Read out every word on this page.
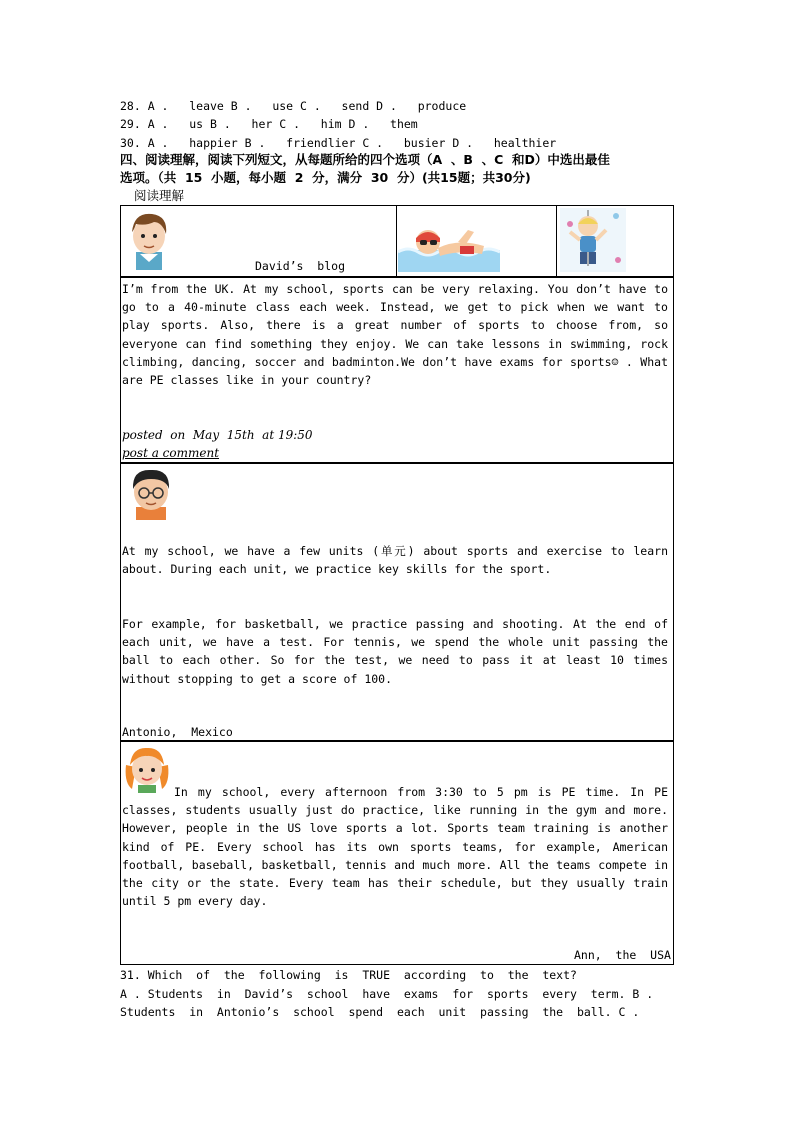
28. A .   leave B .   use C .   send D .   produce
29. A .   us B .   her C .   him D .   them
30. A .   happier B .   friendlier C .   busier D .   healthier
四、阅读理解，阅读下列短文，从每题所给的四个选项（A  、B  、C  和D）中选出最佳
选项。（共  15  小题，每小题  2  分，满分  30  分）(共15题；共30分)
阅读理解
David’s  blog
I’m from the UK. At my school, sports can be very relaxing. You don’t have to go to a 40-minute class each week. Instead, we get to pick when we want to play sports. Also, there is a great number of sports to choose from, so everyone can find something they enjoy. We can take lessons in swimming, rock climbing, dancing, soccer and badminton.We don’t have exams for sports☺ . What are PE classes like in your country?
posted  on  May  15th  at 19:50
post a comment
At my school, we have a few units (单元) about sports and exercise to learn about. During each unit, we practice key skills for the sport.
For example, for basketball, we practice passing and shooting. At the end of each unit, we have a test. For tennis, we spend the whole unit passing the ball to each other. So for the test, we need to pass it at least 10 times without stopping to get a score of 100.
Antonio,  Mexico
In my school, every afternoon from 3:30 to 5 pm is PE time. In PE classes, students usually just do practice, like running in the gym and more. However, people in the US love sports a lot. Sports team training is another kind of PE. Every school has its own sports teams, for example, American football, baseball, basketball, tennis and much more. All the teams compete in the city or the state. Every team has their schedule, but they usually train until 5 pm every day.
Ann,  the  USA
31. Which  of  the  following  is  TRUE  according  to  the  text?
A . Students  in  David’s  school  have  exams  for  sports  every  term. B .
Students  in  Antonio’s  school  spend  each  unit  passing  the  ball. C .
